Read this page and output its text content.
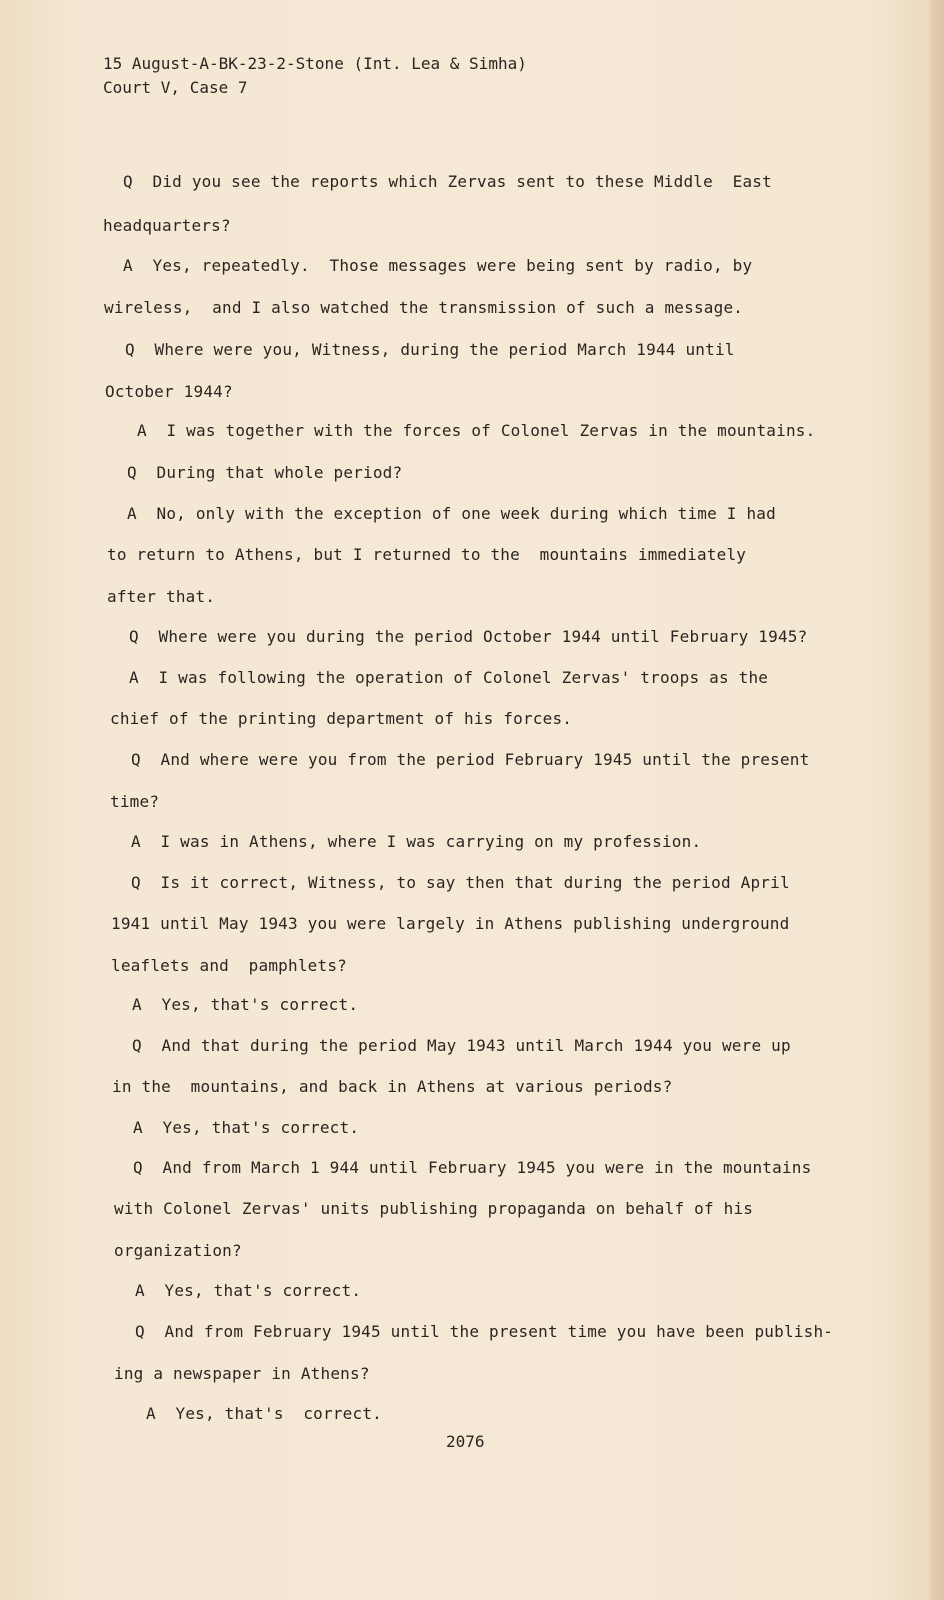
15 August-A-BK-23-2-Stone (Int. Lea & Simha)
Court V, Case 7
Q  Did you see the reports which Zervas sent to these Middle  East
headquarters?
A  Yes, repeatedly.  Those messages were being sent by radio, by
wireless,  and I also watched the transmission of such a message.
Q  Where were you, Witness, during the period March 1944 until
October 1944?
A  I was together with the forces of Colonel Zervas in the mountains.
Q  During that whole period?
A  No, only with the exception of one week during which time I had
to return to Athens, but I returned to the  mountains immediately
after that.
Q  Where were you during the period October 1944 until February 1945?
A  I was following the operation of Colonel Zervas' troops as the
chief of the printing department of his forces.
Q  And where were you from the period February 1945 until the present
time?
A  I was in Athens, where I was carrying on my profession.
Q  Is it correct, Witness, to say then that during the period April
1941 until May 1943 you were largely in Athens publishing underground
leaflets and  pamphlets?
A  Yes, that's correct.
Q  And that during the period May 1943 until March 1944 you were up
in the  mountains, and back in Athens at various periods?
A  Yes, that's correct.
Q  And from March 1 944 until February 1945 you were in the mountains
with Colonel Zervas' units publishing propaganda on behalf of his
organization?
A  Yes, that's correct.
Q  And from February 1945 until the present time you have been publish-
ing a newspaper in Athens?
A  Yes, that's  correct.
2076
